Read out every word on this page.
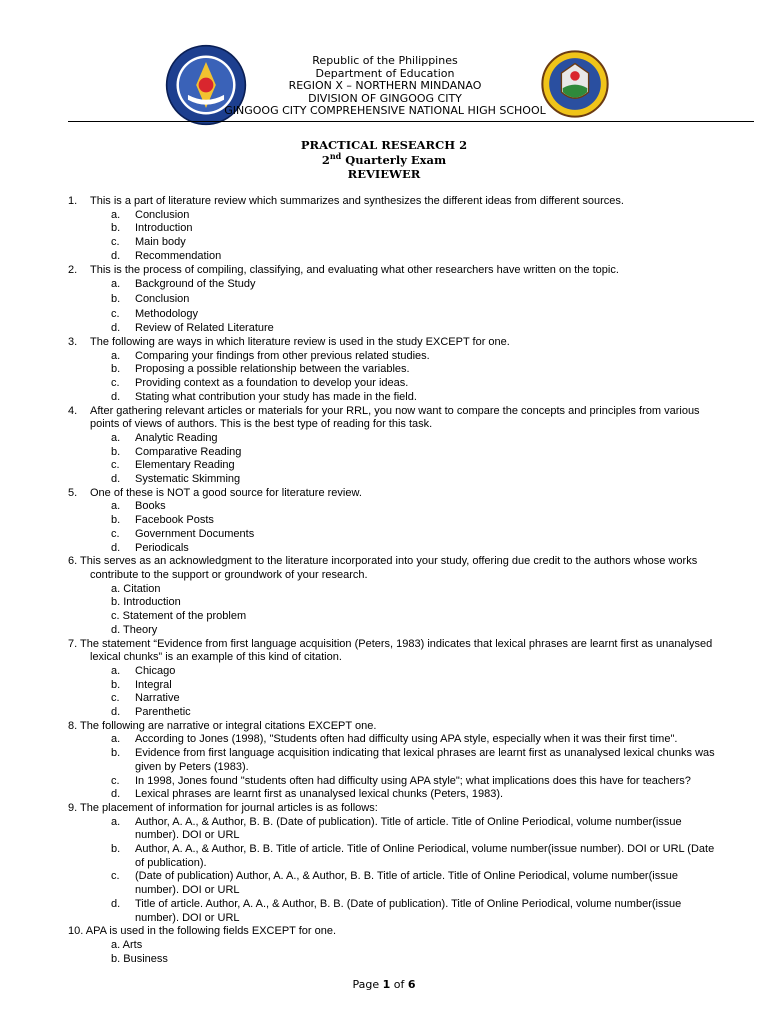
Republic of the Philippines
Department of Education
REGION X – NORTHERN MINDANAO
DIVISION OF GINGOOG CITY
GINGOOG CITY COMPREHENSIVE NATIONAL HIGH SCHOOL
PRACTICAL RESEARCH 2
2nd Quarterly Exam
REVIEWER
1. This is a part of literature review which summarizes and synthesizes the different ideas from different sources.
a. Conclusion
b. Introduction
c. Main body
d. Recommendation
2. This is the process of compiling, classifying, and evaluating what other researchers have written on the topic.
a. Background of the Study
b. Conclusion
c. Methodology
d. Review of Related Literature
3. The following are ways in which literature review is used in the study EXCEPT for one.
a. Comparing your findings from other previous related studies.
b. Proposing a possible relationship between the variables.
c. Providing context as a foundation to develop your ideas.
d. Stating what contribution your study has made in the field.
4. After gathering relevant articles or materials for your RRL, you now want to compare the concepts and principles from various points of views of authors. This is the best type of reading for this task.
a. Analytic Reading
b. Comparative Reading
c. Elementary Reading
d. Systematic Skimming
5. One of these is NOT a good source for literature review.
a. Books
b. Facebook Posts
c. Government Documents
d. Periodicals
6. This serves as an acknowledgment to the literature incorporated into your study, offering due credit to the authors whose works contribute to the support or groundwork of your research.
a. Citation
b. Introduction
c. Statement of the problem
d. Theory
7. The statement “Evidence from first language acquisition (Peters, 1983) indicates that lexical phrases are learnt first as unanalysed lexical chunks” is an example of this kind of citation.
a. Chicago
b. Integral
c. Narrative
d. Parenthetic
8. The following are narrative or integral citations EXCEPT one.
a. According to Jones (1998), "Students often had difficulty using APA style, especially when it was their first time".
b. Evidence from first language acquisition indicating that lexical phrases are learnt first as unanalysed lexical chunks was given by Peters (1983).
c. In 1998, Jones found "students often had difficulty using APA style"; what implications does this have for teachers?
d. Lexical phrases are learnt first as unanalysed lexical chunks (Peters, 1983).
9. The placement of information for journal articles is as follows:
a. Author, A. A., & Author, B. B. (Date of publication). Title of article. Title of Online Periodical, volume number(issue number). DOI or URL
b. Author, A. A., & Author, B. B. Title of article. Title of Online Periodical, volume number(issue number). DOI or URL (Date of publication).
c. (Date of publication) Author, A. A., & Author, B. B. Title of article. Title of Online Periodical, volume number(issue number). DOI or URL
d. Title of article. Author, A. A., & Author, B. B. (Date of publication). Title of Online Periodical, volume number(issue number). DOI or URL
10. APA is used in the following fields EXCEPT for one.
a. Arts
b. Business
Page 1 of 6
